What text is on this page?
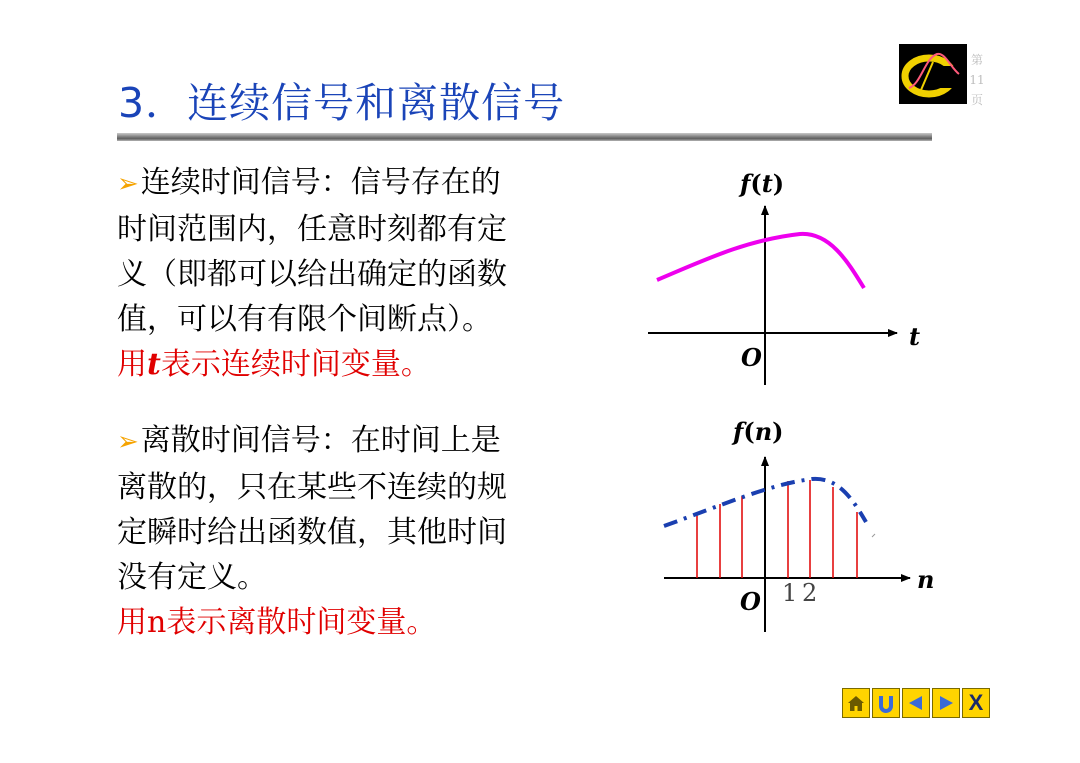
3．连续信号和离散信号
第
11
页
➢连续时间信号：信号存在的
时间范围内，任意时刻都有定
义（即都可以给出确定的函数
值，可以有有限个间断点）。
用t表示连续时间变量。
➢离散时间信号：在时间上是
离散的，只在某些不连续的规
定瞬时给出函数值，其他时间
没有定义。
用n表示离散时间变量。
f(t)
t
O
f(n)
n
O 1 2
X
